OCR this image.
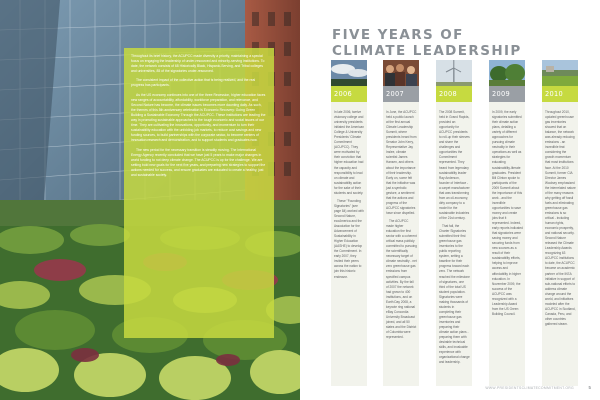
Throughout its brief history, the ACUPCC made diversity a priority, maintaining a special focus on engaging the leadership of under-resourced and minority-serving institutions. To date, the network consists of 68 Historically Black, Hispanic-Serving, and Tribal colleges and universities, 85 of the signatories under-resourced.

The consistent impact of the collective action that is being realized, and the real progress has participants.

As the US economy continues into one of the three Recession, higher education faces new ranges of accountability, affordability, workforce preparation, and relevance, and Second Nature has become, the climate issues becomes more daunting daily. As such, the themes of this 5th anniversary celebration is Economic Recovery: Going Green Building a Sustainable Economy Through the ACUPCC. These institutions are leading the way in promoting sustainable approaches to the tough economic and social issues of our time. They are cultivating the innovations, opportunity, and momentum to turn their sustainability education with the unfolding job markets, to reduce cost savings and new funding sources, to build partnerships with the corporate sector, to become centers of innovation research and demonstration, and to support students and graduates now.

The new period for the necessary transition is steadily moving. The International Energy Agency recently concluded that we have just 5 years to make major changes in world funding to not deep climate change. The ACUPCC is up for the challenge. We are setting bold new goals for the next five years, and preparing new strategies to support the actions needed for success, and ensure graduates are educated to create a healthy, just and sustainable society.

FIVE YEARS OF
CLIMATE LEADERSHIP
2006

In late 2006, twelve visionary college and university presidents initiated the American College & University Presidents' Climate Commitment (ACUPCC). They were motivated by their conviction that higher education had the capacity and responsibility to lead on climate and sustainability action for the sake of their students and society.

These "Founding Signatories" (see page 84) worked with Second Nature, ecoAmerica and the Association for the Advancement of Sustainability in Higher Education (AASHE) to develop the Commitment. In early 2007, they invited their peers across the nation to join this historic endeavor.

2007

In June, the ACUPCC held a public launch at the first annual Climate Leadership Summit, where presidents heard from Senator John Kerry, Representative Jay Inslee, climate scientist James Hansen, and others about the importance of their leadership. Early on, some felt that the initiative was just a symbolic gesture, a sentiment that the actions and progress of the ACUPCC signatories have since dispelled.

The ACUPCC made higher education the first sector with a coherent critical mass publicly committed to pursuing the scientifically necessary target of climate neutrality - net zero greenhouse gas emissions from specified campus activities. By the fall of 2007 the network had grown to 400 institutions, and on Earth Day 2008, a keynote ring national eBay Concordia University Broadcast joined, and all 50 states and the District of Columbia were represented.

2008

The 2008 Summit, held in Grand Rapids, provided an opportunity for ACUPCC presidents to roll-up their sleeves and share the challenges and opportunities the Commitment represented. They heard from legendary sustainability leader Ray Anderson, founder of Interface - a carpet manufacturer that was transforming from an oil-economy, dirty company to a model for the sustainable industries of the 21st century.

That fall, the Charter Signatories submitted their first greenhouse gas inventories to the public reporting system, setting a baseline for their progress toward each zero. The network reached the milestone of signatures, one third of the total US student population. Signatories were making thousands of students in completing their greenhouse gas inventories and preparing their climate action plans - preparing them with desirable technical skills, and invaluable experience with organizational change and leadership.

2009

In 2009, the early signatories submitted their climate action plans, detailing a variety of different approaches for pursuing climate neutrality in their operations as well as strategies for educating sustainability-literate graduates. President Bill Clinton spoke to participants of the 2009 Summit about the importance of this work - and the incredible opportunities to save money and create jobs that it represented. Indeed, early reports indicated that signatories were saving money and securing funds from new sources as a result of their sustainability efforts, helping to improve access and affordability in higher education. In November 2009, the success of the ACUPCC was recognized with a Leadership Award from the US Green Building Council.

2010

Throughout 2010, updated greenhouse gas inventories showed that on balance, the network was already reducing emissions - an incredible feat considering the growth momentum that most institutions face. At the 2010 Summit, former CIA Director James Woolsey emphasized the interrelated nature of the many reasons why getting off fossil fuels and eliminating greenhouse gas emissions is so critical - including human rights, economic prosperity, and national security. Second Nature released the Climate Leadership Awards recognizing 63 ACUPCC institutions to date, the ACUPCC became an academic partner of the IKEA initiative in support of sub-national efforts to address climate change around the world, and initiatives modeled after the ACUPCC in Scotland, Canada, Peru, and other countries gathered steam.

WWW.PRESIDENTSCLIMATECOMMITMENT.ORG	5
